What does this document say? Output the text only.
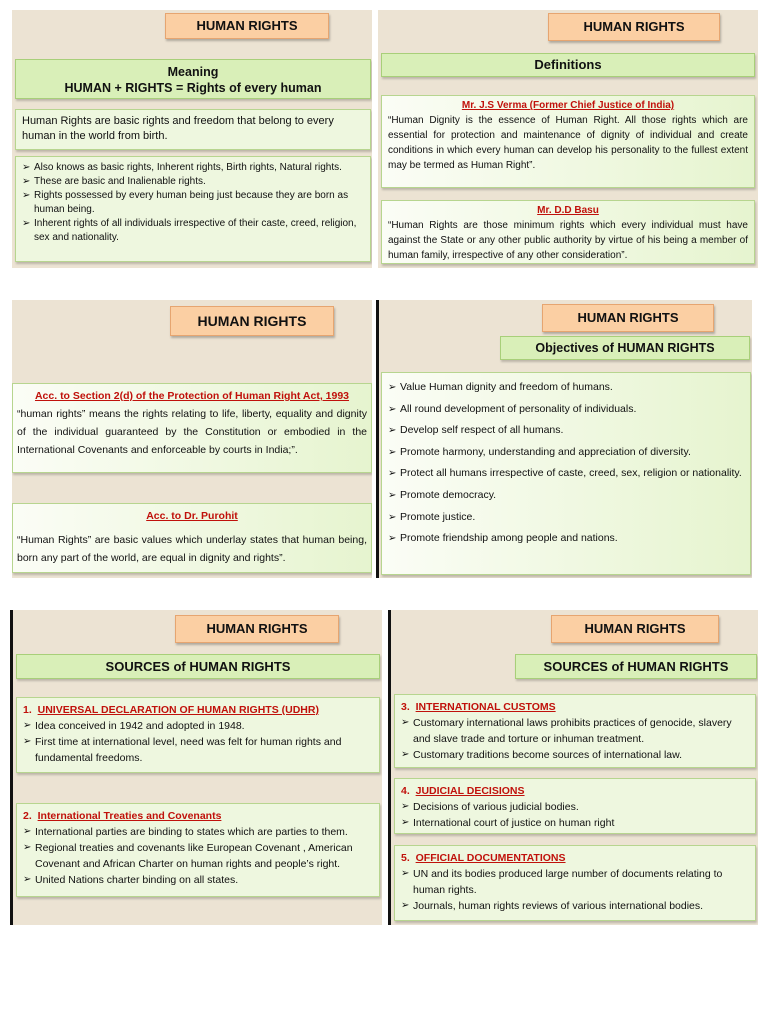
HUMAN RIGHTS
Meaning
HUMAN + RIGHTS = Rights of every human
Human Rights are basic rights and freedom that belong to every human in the world from birth.
➢ Also knows as basic rights, Inherent rights, Birth rights, Natural rights.
➢ These are basic and Inalienable rights.
➢ Rights possessed by every human being just because they are born as human being.
➢ Inherent rights of all individuals irrespective of their caste, creed, religion, sex and nationality.
HUMAN RIGHTS
Definitions
Mr. J.S Verma (Former Chief Justice of India)
“Human Dignity is the essence of Human Right. All those rights which are essential for protection and maintenance of dignity of individual and create conditions in which every human can develop his personality to the fullest extent may be termed as Human Right”.
Mr. D.D Basu
“Human Rights are those minimum rights which every individual must have against the State or any other public authority by virtue of his being a member of human family, irrespective of any other consideration”.
HUMAN RIGHTS
Acc. to Section 2(d) of the Protection of Human Right Act, 1993
“human rights” means the rights relating to life, liberty, equality and dignity of the individual guaranteed by the Constitution or embodied in the International Covenants and enforceable by courts in India;”.
Acc. to Dr. Purohit
“Human Rights” are basic values which underlay states that human being, born any part of the world, are equal in dignity and rights”.
HUMAN RIGHTS
Objectives of HUMAN RIGHTS
➢ Value Human dignity and freedom of humans.
➢ All round development of personality of individuals.
➢ Develop self respect of all humans.
➢ Promote harmony, understanding and appreciation of diversity.
➢ Protect all humans irrespective of caste, creed, sex, religion or nationality.
➢ Promote democracy.
➢ Promote justice.
➢ Promote friendship among people and nations.
HUMAN RIGHTS
SOURCES of HUMAN RIGHTS
1. UNIVERSAL DECLARATION OF HUMAN RIGHTS (UDHR)
➢ Idea conceived in 1942 and adopted in 1948.
➢ First time at international level, need was felt for human rights and fundamental freedoms.
2. International Treaties and Covenants
➢ International parties are binding to states which are parties to them.
➢ Regional treaties and covenants like European Covenant , American Covenant and African Charter on human rights and people’s right.
➢ United Nations charter binding on all states.
HUMAN RIGHTS
SOURCES of HUMAN RIGHTS
3. INTERNATIONAL CUSTOMS
➢ Customary international laws prohibits practices of genocide, slavery and slave trade and torture or inhuman treatment.
➢ Customary traditions become sources of international law.
4. JUDICIAL DECISIONS
➢ Decisions of various judicial bodies.
➢ International court of justice on human right
5. OFFICIAL DOCUMENTATIONS
➢ UN and its bodies produced large number of documents relating to human rights.
➢ Journals, human rights reviews of various international bodies.
